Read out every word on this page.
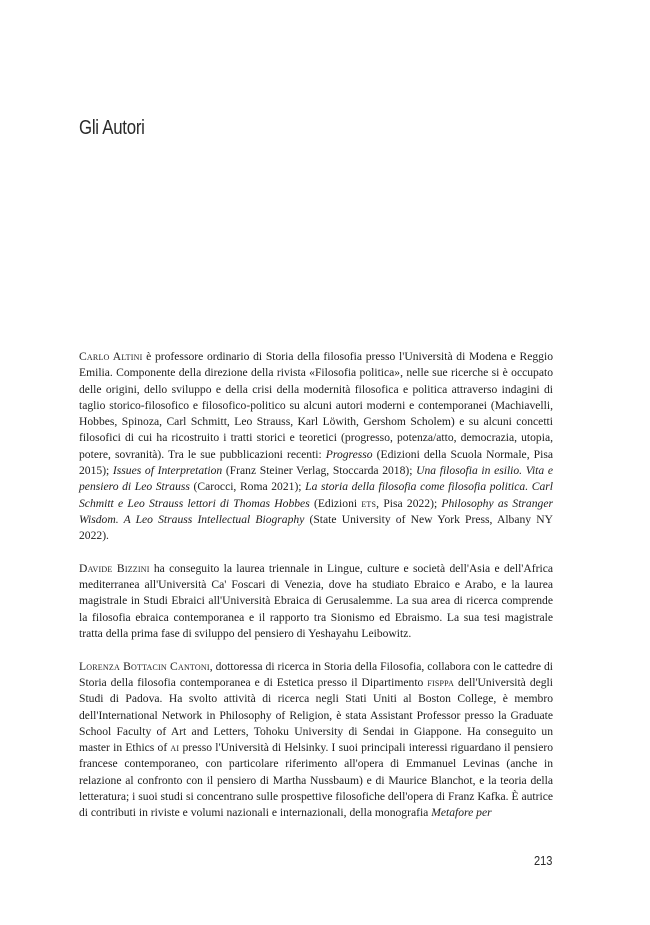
Gli Autori

Carlo Altini è professore ordinario di Storia della filosofia presso l'Università di Modena e Reggio Emilia. Componente della direzione della rivista «Filosofia politica», nelle sue ricerche si è occupato delle origini, dello sviluppo e della crisi della modernità filosofica e politica attraverso indagini di taglio storico-filosofico e filosofico-politico su alcuni autori moderni e contemporanei (Machiavelli, Hobbes, Spinoza, Carl Schmitt, Leo Strauss, Karl Löwith, Gershom Scholem) e su alcuni concetti filosofici di cui ha ricostruito i tratti storici e teoretici (progresso, potenza/atto, democrazia, utopia, potere, sovranità). Tra le sue pubblicazioni recenti: Progresso (Edizioni della Scuola Normale, Pisa 2015); Issues of Interpretation (Franz Steiner Verlag, Stoccarda 2018); Una filosofia in esilio. Vita e pensiero di Leo Strauss (Carocci, Roma 2021); La storia della filosofia come filosofia politica. Carl Schmitt e Leo Strauss lettori di Thomas Hobbes (Edizioni ets, Pisa 2022); Philosophy as Stranger Wisdom. A Leo Strauss Intellectual Biography (State University of New York Press, Albany NY 2022).

Davide Bizzini ha conseguito la laurea triennale in Lingue, culture e società dell'Asia e dell'Africa mediterranea all'Università Ca' Foscari di Venezia, dove ha studiato Ebraico e Arabo, e la laurea magistrale in Studi Ebraici all'Università Ebraica di Gerusalemme. La sua area di ricerca comprende la filosofia ebraica contemporanea e il rapporto tra Sionismo ed Ebraismo. La sua tesi magistrale tratta della prima fase di sviluppo del pensiero di Yeshayahu Leibowitz.

Lorenza Bottacin Cantoni, dottoressa di ricerca in Storia della Filosofia, collabora con le cattedre di Storia della filosofia contemporanea e di Estetica presso il Dipartimento fisppa dell'Università degli Studi di Padova. Ha svolto attività di ricerca negli Stati Uniti al Boston College, è membro dell'International Network in Philosophy of Religion, è stata Assistant Professor presso la Graduate School Faculty of Art and Letters, Tohoku University di Sendai in Giappone. Ha conseguito un master in Ethics of ai presso l'Università di Helsinky. I suoi principali interessi riguardano il pensiero francese contemporaneo, con particolare riferimento all'opera di Emmanuel Levinas (anche in relazione al confronto con il pensiero di Martha Nussbaum) e di Maurice Blanchot, e la teoria della letteratura; i suoi studi si concentrano sulle prospettive filosofiche dell'opera di Franz Kafka. È autrice di contributi in riviste e volumi nazionali e internazionali, della monografia Metafore per

213
